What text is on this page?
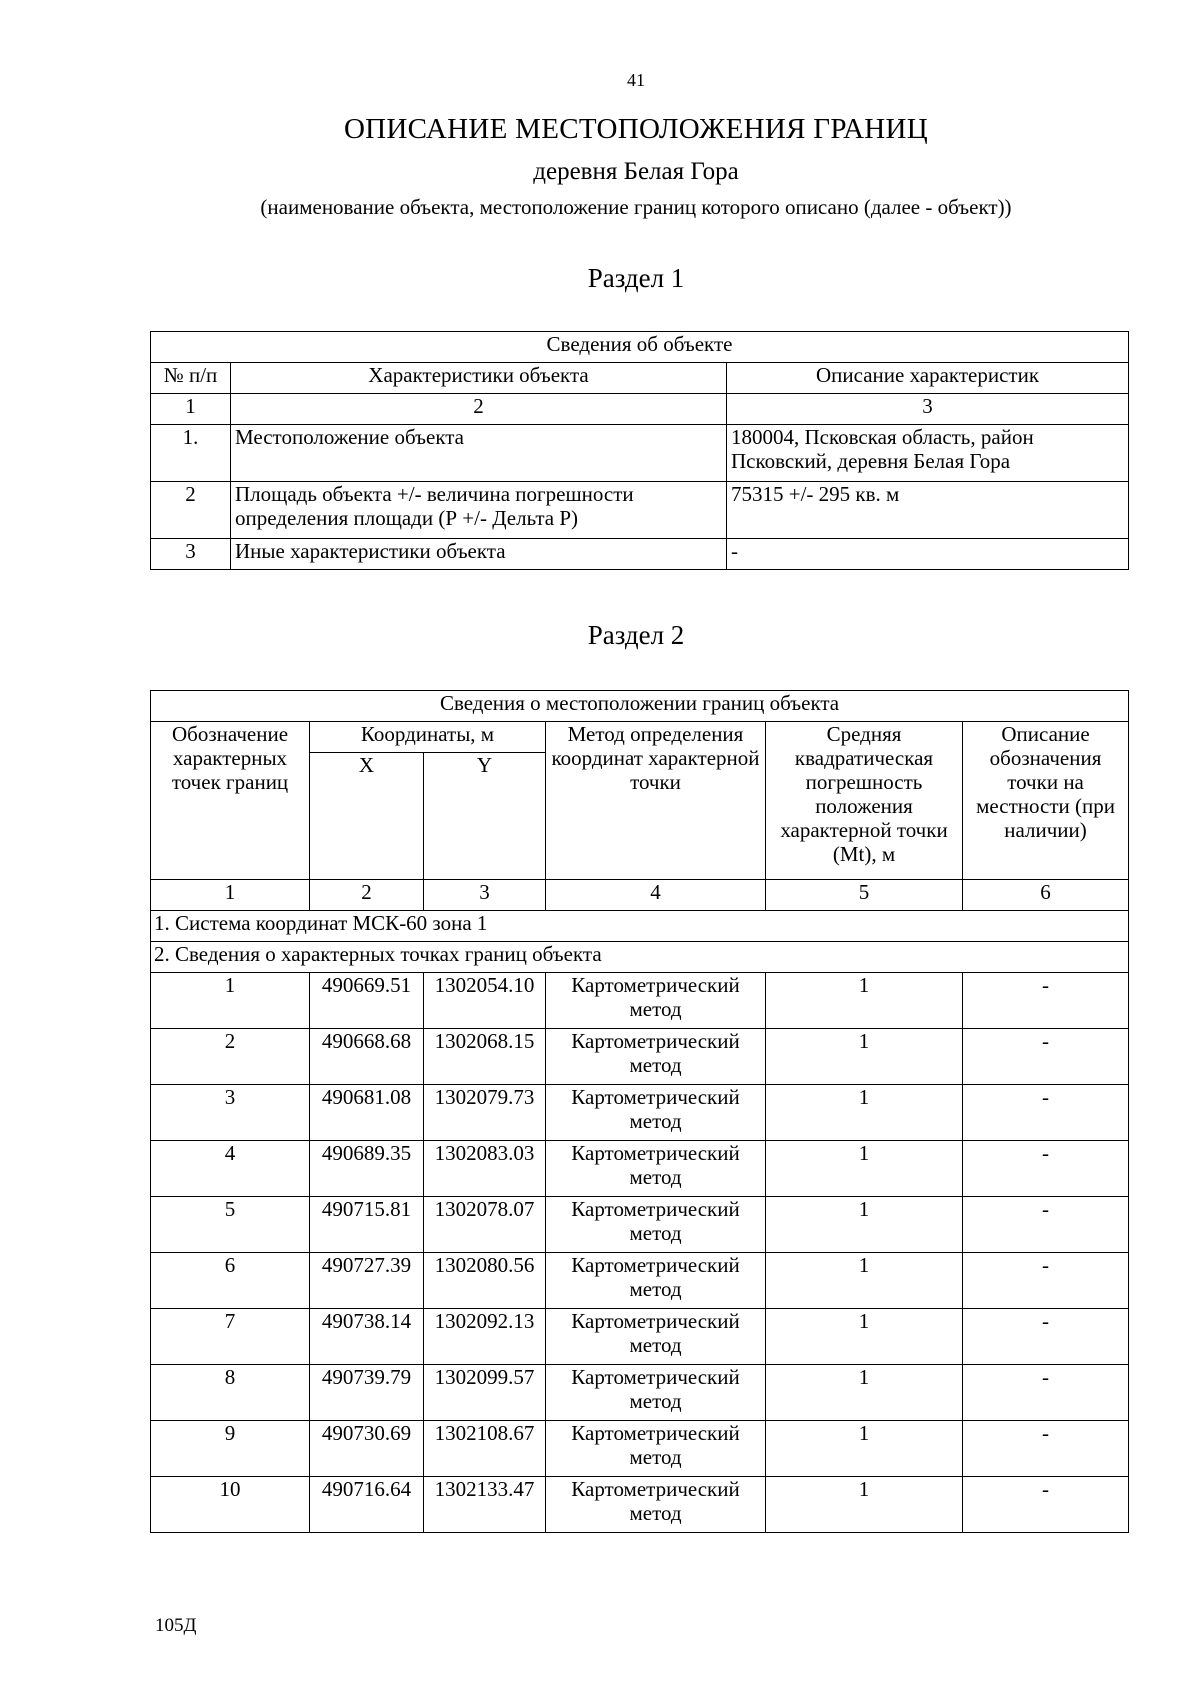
41
ОПИСАНИЕ МЕСТОПОЛОЖЕНИЯ ГРАНИЦ
деревня Белая Гора
(наименование объекта, местоположение границ которого описано (далее - объект))
Раздел 1
Сведения об объекте		
№ п/п	Характеристики объекта	Описание характеристик
1	2	3
1.	Местоположение объекта	180004, Псковская область, район Псковский, деревня Белая Гора
2	Площадь объекта +/- величина погрешности определения площади (Р +/- Дельта Р)	75315 +/- 295 кв. м
3	Иные характеристики объекта	-
Раздел 2
Сведения о местоположении границ объекта					
Обозначение характерных точек границ	Координаты, м		Метод определения координат характерной точки	Средняя квадратическая погрешность положения характерной точки (Mt), м	Описание обозначения точки на местности (при наличии)
	X	Y			
1	2	3	4	5	6
1. Система координат МСК-60 зона 1					
2. Сведения о характерных точках границ объекта					
1	490669.51	1302054.10	Картометрический метод	1	-
2	490668.68	1302068.15	Картометрический метод	1	-
3	490681.08	1302079.73	Картометрический метод	1	-
4	490689.35	1302083.03	Картометрический метод	1	-
5	490715.81	1302078.07	Картометрический метод	1	-
6	490727.39	1302080.56	Картометрический метод	1	-
7	490738.14	1302092.13	Картометрический метод	1	-
8	490739.79	1302099.57	Картометрический метод	1	-
9	490730.69	1302108.67	Картометрический метод	1	-
10	490716.64	1302133.47	Картометрический метод	1	-
105Д
